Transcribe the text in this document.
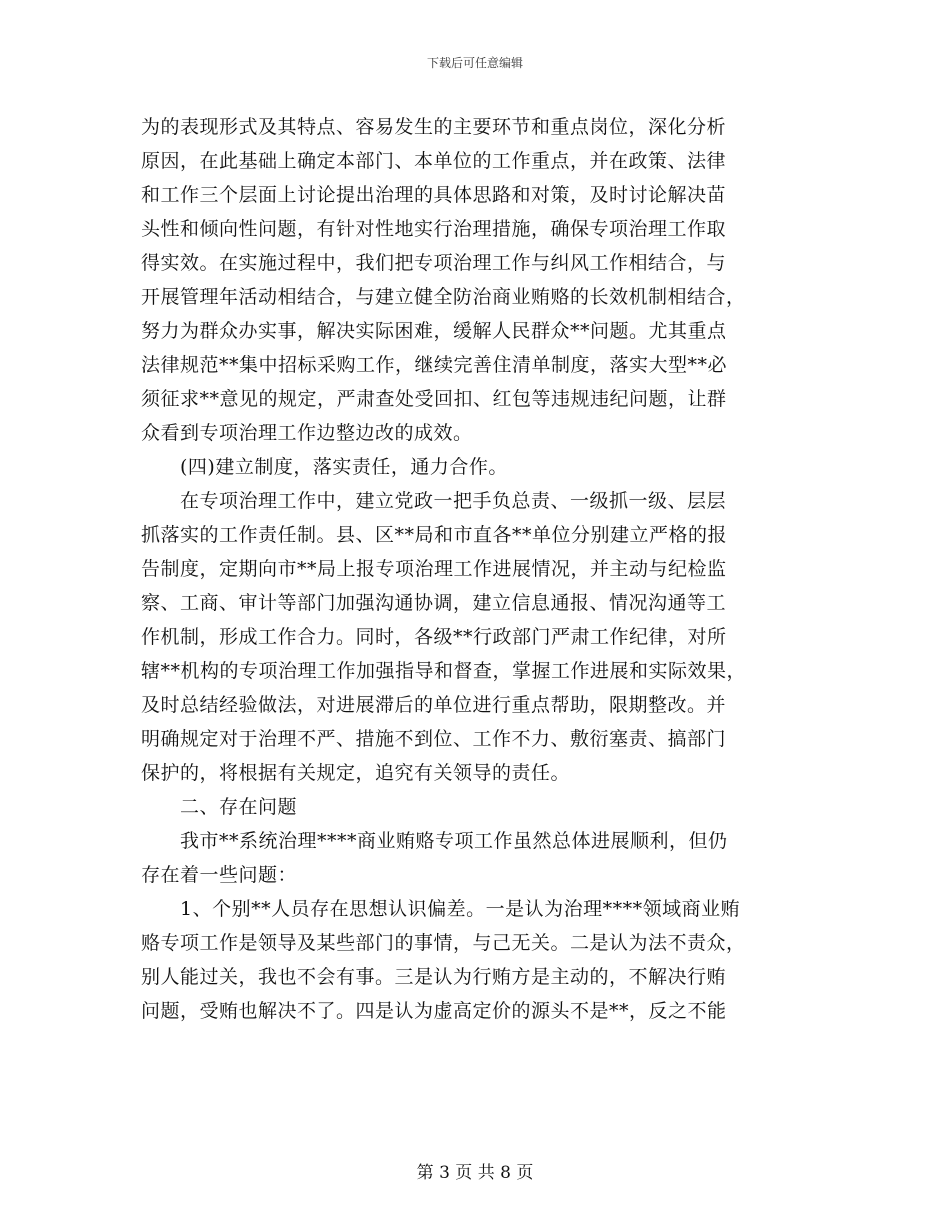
下载后可任意编辑
为的表现形式及其特点、容易发生的主要环节和重点岗位，深化分析
原因，在此基础上确定本部门、本单位的工作重点，并在政策、法律
和工作三个层面上讨论提出治理的具体思路和对策，及时讨论解决苗
头性和倾向性问题，有针对性地实行治理措施，确保专项治理工作取
得实效。在实施过程中，我们把专项治理工作与纠风工作相结合，与
开展管理年活动相结合，与建立健全防治商业贿赂的长效机制相结合，
努力为群众办实事，解决实际困难，缓解人民群众**问题。尤其重点
法律规范**集中招标采购工作，继续完善住清单制度，落实大型**必
须征求**意见的规定，严肃查处受回扣、红包等违规违纪问题，让群
众看到专项治理工作边整边改的成效。
　　(四)建立制度，落实责任，通力合作。
　　在专项治理工作中，建立党政一把手负总责、一级抓一级、层层
抓落实的工作责任制。县、区**局和市直各**单位分别建立严格的报
告制度，定期向市**局上报专项治理工作进展情况，并主动与纪检监
察、工商、审计等部门加强沟通协调，建立信息通报、情况沟通等工
作机制，形成工作合力。同时，各级**行政部门严肃工作纪律，对所
辖**机构的专项治理工作加强指导和督查，掌握工作进展和实际效果，
及时总结经验做法，对进展滞后的单位进行重点帮助，限期整改。并
明确规定对于治理不严、措施不到位、工作不力、敷衍塞责、搞部门
保护的，将根据有关规定，追究有关领导的责任。
　　二、存在问题
　　我市**系统治理****商业贿赂专项工作虽然总体进展顺利，但仍
存在着一些问题：
　　1、个别**人员存在思想认识偏差。一是认为治理****领域商业贿
赂专项工作是领导及某些部门的事情，与己无关。二是认为法不责众，
别人能过关，我也不会有事。三是认为行贿方是主动的，不解决行贿
问题，受贿也解决不了。四是认为虚高定价的源头不是**，反之不能
第 3 页 共 8 页
